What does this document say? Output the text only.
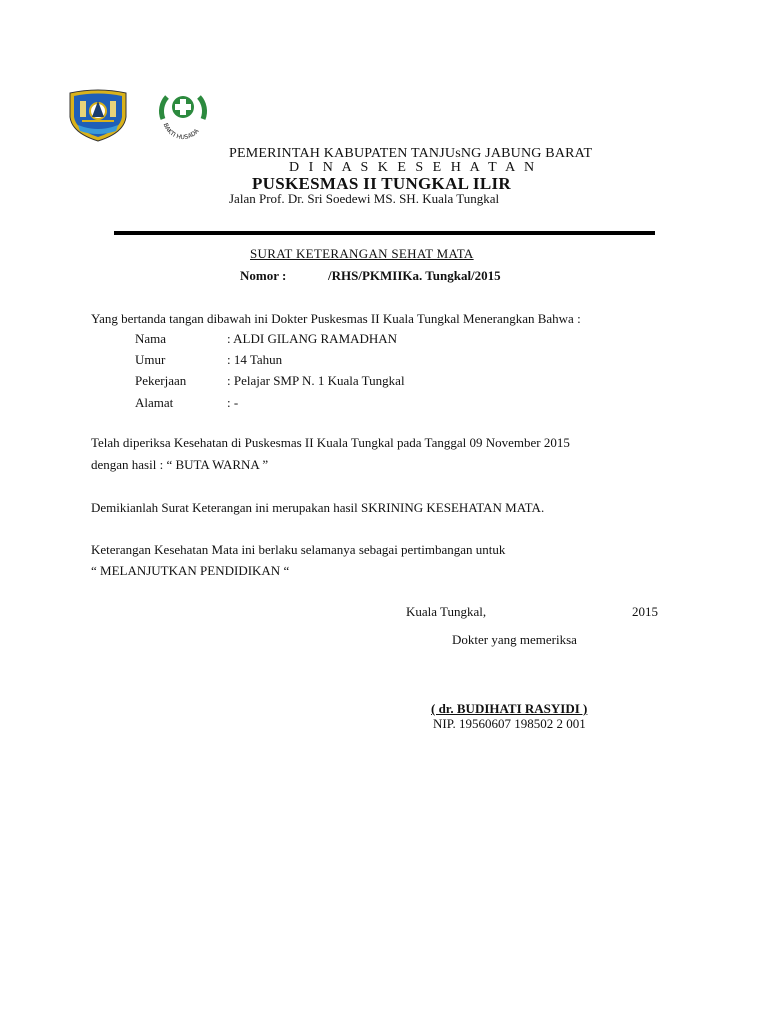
BAKTI HUSADA
PEMERINTAH KABUPATEN TANJUsNG JABUNG BARAT
D I N A S K E S E H A T A N
PUSKESMAS II TUNGKAL ILIR
Jalan Prof. Dr. Sri Soedewi MS. SH. Kuala Tungkal
SURAT KETERANGAN SEHAT MATA
Nomor :	/RHS/PKMIIKa. Tungkal/2015
Yang bertanda tangan dibawah ini Dokter Puskesmas II Kuala Tungkal Menerangkan Bahwa :
Nama	: ALDI GILANG RAMADHAN
Umur	: 14 Tahun
Pekerjaan	: Pelajar SMP N. 1 Kuala Tungkal
Alamat	: -
Telah diperiksa Kesehatan di Puskesmas II Kuala Tungkal pada Tanggal 09 November 2015
dengan hasil : “ BUTA WARNA ”
Demikianlah Surat Keterangan ini merupakan hasil SKRINING KESEHATAN MATA.
Keterangan Kesehatan Mata ini berlaku selamanya sebagai pertimbangan untuk
“ MELANJUTKAN PENDIDIKAN “
Kuala Tungkal,	2015
Dokter yang memeriksa
( dr. BUDIHATI RASYIDI )
NIP. 19560607 198502 2 001
